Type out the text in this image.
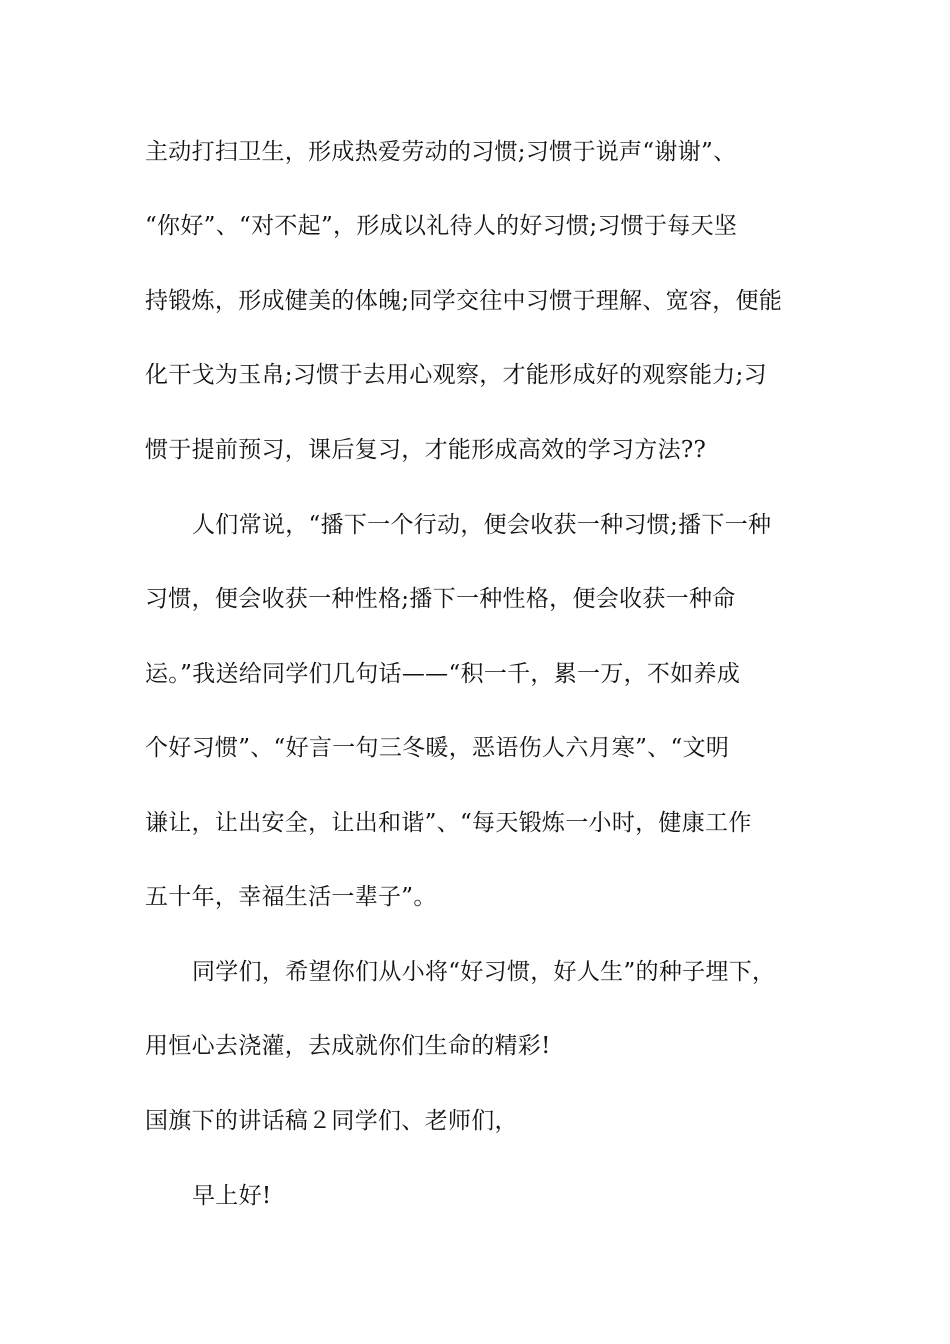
主动打扫卫生，形成热爱劳动的习惯;习惯于说声“谢谢”、
“你好”、“对不起”，形成以礼待人的好习惯;习惯于每天坚
持锻炼，形成健美的体魄;同学交往中习惯于理解、宽容，便能
化干戈为玉帛;习惯于去用心观察，才能形成好的观察能力;习
惯于提前预习，课后复习，才能形成高效的学习方法??
人们常说，“播下一个行动，便会收获一种习惯;播下一种
习惯，便会收获一种性格;播下一种性格，便会收获一种命
运。”我送给同学们几句话——“积一千，累一万，不如养成
个好习惯”、“好言一句三冬暖，恶语伤人六月寒”、“文明
谦让，让出安全，让出和谐”、“每天锻炼一小时，健康工作
五十年，幸福生活一辈子”。
同学们，希望你们从小将“好习惯，好人生”的种子埋下，
用恒心去浇灌，去成就你们生命的精彩!
国旗下的讲话稿２同学们、老师们，
早上好!
